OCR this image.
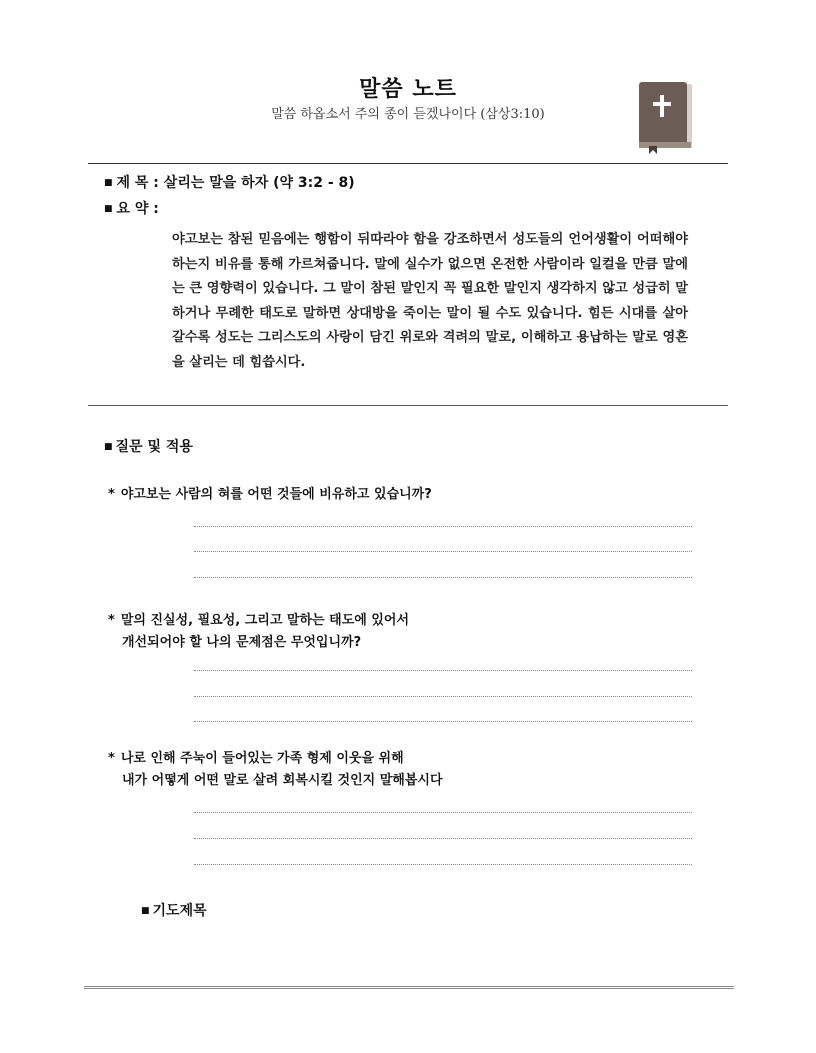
말씀 노트
말씀 하옵소서 주의 종이 듣겠나이다 (삼상3:10)
■ 제 목 : 살리는 말을 하자 (약 3:2 - 8)
■ 요 약 :
야고보는 참된 믿음에는 행함이 뒤따라야 함을 강조하면서 성도들의 언어생활이 어떠해야 하는지 비유를 통해 가르쳐줍니다. 말에 실수가 없으면 온전한 사람이라 일컬을 만큼 말에는 큰 영향력이 있습니다. 그 말이 참된 말인지 꼭 필요한 말인지 생각하지 않고 성급히 말하거나 무례한 태도로 말하면 상대방을 죽이는 말이 될 수도 있습니다. 힘든 시대를 살아갈수록 성도는 그리스도의 사랑이 담긴 위로와 격려의 말로, 이해하고 용납하는 말로 영혼을 살리는 데 힘씁시다.
■ 질문 및 적용
* 야고보는 사람의 혀를 어떤 것들에 비유하고 있습니까?
* 말의 진실성, 필요성, 그리고 말하는 태도에 있어서
개선되어야 할 나의 문제점은 무엇입니까?
* 나로 인해 주눅이 들어있는 가족 형제 이웃을 위해
내가 어떻게 어떤 말로 살려 회복시킬 것인지 말해봅시다
■ 기도제목
